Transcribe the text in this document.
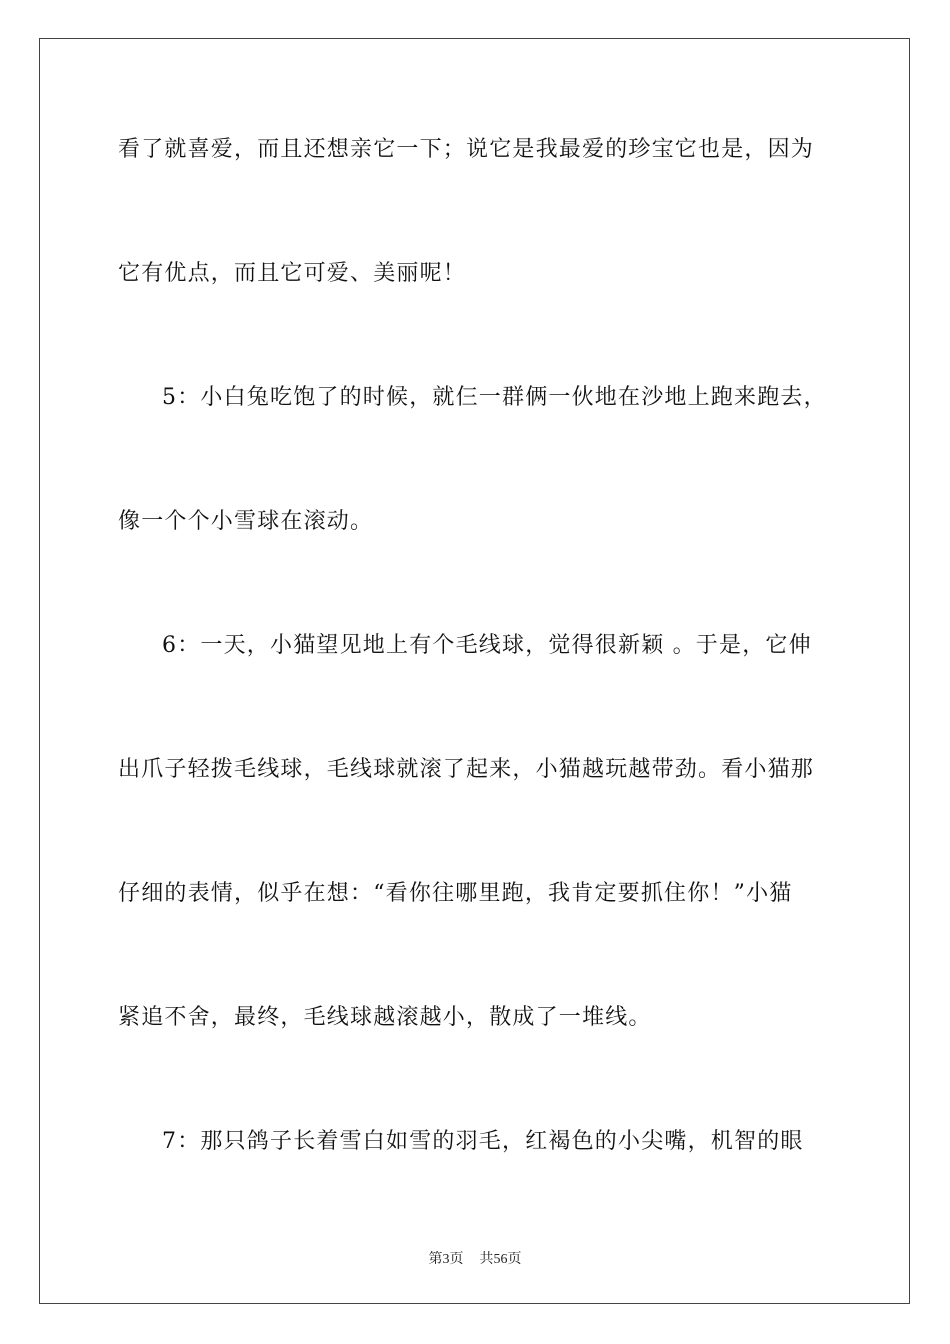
看了就喜爱，而且还想亲它一下；说它是我最爱的珍宝它也是，因为
它有优点，而且它可爱、美丽呢！
5：小白兔吃饱了的时候，就仨一群俩一伙地在沙地上跑来跑去，
像一个个小雪球在滚动。
6：一天，小猫望见地上有个毛线球，觉得很新颖 。于是，它伸
出爪子轻拨毛线球，毛线球就滚了起来，小猫越玩越带劲。看小猫那
仔细的表情，似乎在想：“看你往哪里跑，我肯定要抓住你！”小猫
紧追不舍，最终，毛线球越滚越小，散成了一堆线。
7：那只鸽子长着雪白如雪的羽毛，红褐色的小尖嘴，机智的眼
第3页 共56页
